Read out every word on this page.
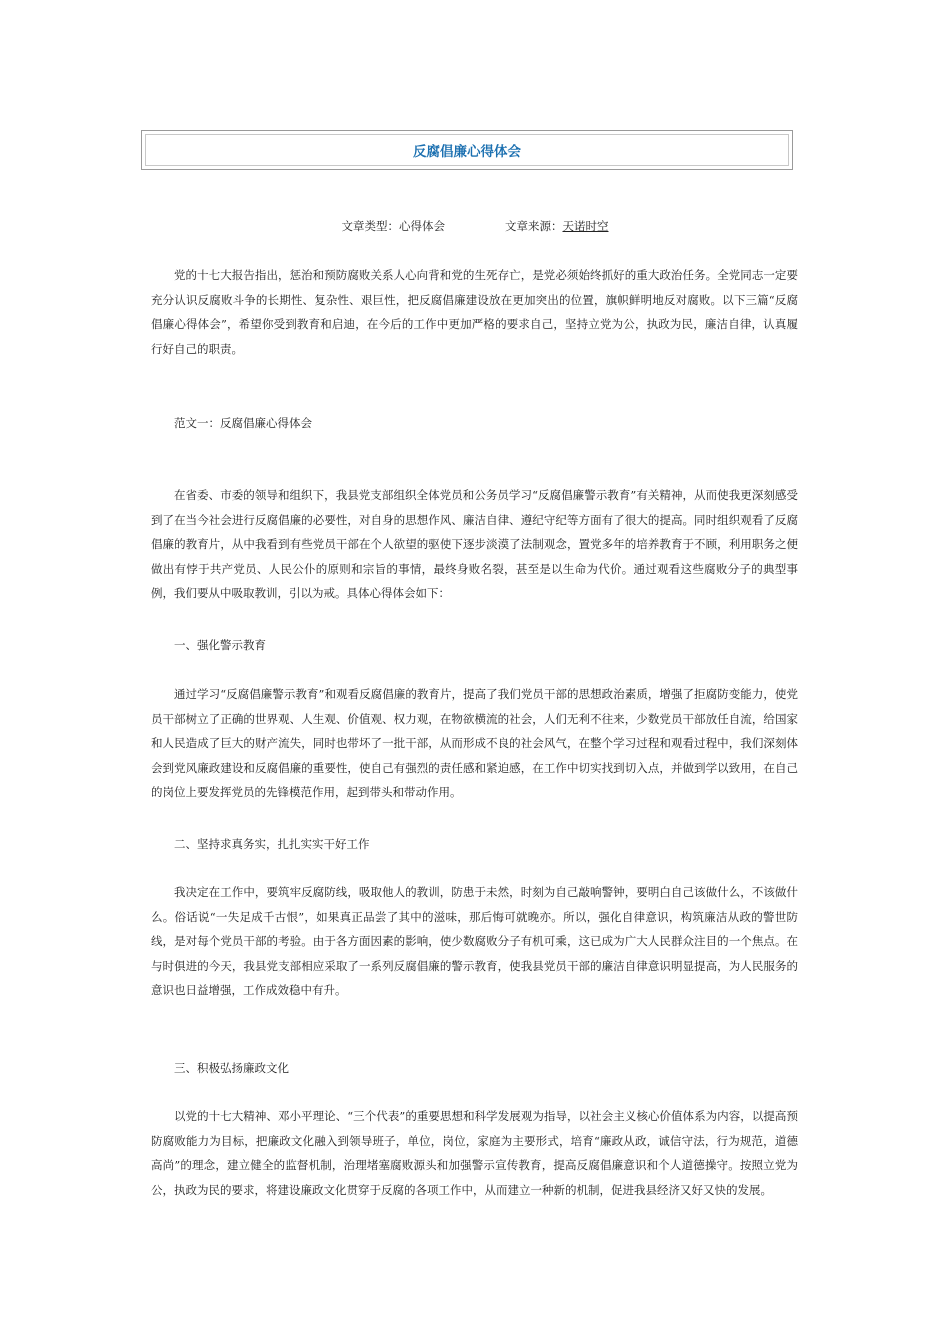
反腐倡廉心得体会
文章类型：心得体会	文章来源：天诺时空

党的十七大报告指出，惩治和预防腐败关系人心向背和党的生死存亡，是党必须始终抓好的重大政治任务。全党同志一定要充分认识反腐败斗争的长期性、复杂性、艰巨性，把反腐倡廉建设放在更加突出的位置，旗帜鲜明地反对腐败。以下三篇“反腐倡廉心得体会”，希望你受到教育和启迪，在今后的工作中更加严格的要求自己，坚持立党为公，执政为民，廉洁自律，认真履行好自己的职责。

范文一：反腐倡廉心得体会

在省委、市委的领导和组织下，我县党支部组织全体党员和公务员学习“反腐倡廉警示教育”有关精神，从而使我更深刻感受到了在当今社会进行反腐倡廉的必要性，对自身的思想作风、廉洁自律、遵纪守纪等方面有了很大的提高。同时组织观看了反腐倡廉的教育片，从中我看到有些党员干部在个人欲望的驱使下逐步淡漠了法制观念，置党多年的培养教育于不顾，利用职务之便做出有悖于共产党员、人民公仆的原则和宗旨的事情，最终身败名裂，甚至是以生命为代价。通过观看这些腐败分子的典型事例，我们要从中吸取教训，引以为戒。具体心得体会如下：

一、强化警示教育

通过学习“反腐倡廉警示教育”和观看反腐倡廉的教育片，提高了我们党员干部的思想政治素质，增强了拒腐防变能力，使党员干部树立了正确的世界观、人生观、价值观、权力观，在物欲横流的社会，人们无利不往来，少数党员干部放任自流，给国家和人民造成了巨大的财产流失，同时也带坏了一批干部，从而形成不良的社会风气，在整个学习过程和观看过程中，我们深刻体会到党风廉政建设和反腐倡廉的重要性，使自己有强烈的责任感和紧迫感，在工作中切实找到切入点，并做到学以致用，在自己的岗位上要发挥党员的先锋模范作用，起到带头和带动作用。

二、坚持求真务实，扎扎实实干好工作

我决定在工作中，要筑牢反腐防线，吸取他人的教训，防患于未然，时刻为自己敲响警钟，要明白自己该做什么，不该做什么。俗话说“一失足成千古恨”，如果真正品尝了其中的滋味，那后悔可就晚亦。所以，强化自律意识，构筑廉洁从政的警世防线，是对每个党员干部的考验。由于各方面因素的影响，使少数腐败分子有机可乘，这已成为广大人民群众注目的一个焦点。在与时俱进的今天，我县党支部相应采取了一系列反腐倡廉的警示教育，使我县党员干部的廉洁自律意识明显提高，为人民服务的意识也日益增强，工作成效稳中有升。

三、积极弘扬廉政文化

以党的十七大精神、邓小平理论、“三个代表”的重要思想和科学发展观为指导，以社会主义核心价值体系为内容，以提高预防腐败能力为目标，把廉政文化融入到领导班子，单位，岗位，家庭为主要形式，培育“廉政从政，诚信守法，行为规范，道德高尚”的理念，建立健全的监督机制，治理堵塞腐败源头和加强警示宣传教育，提高反腐倡廉意识和个人道德操守。按照立党为公，执政为民的要求，将建设廉政文化贯穿于反腐的各项工作中，从而建立一种新的机制，促进我县经济又好又快的发展。
